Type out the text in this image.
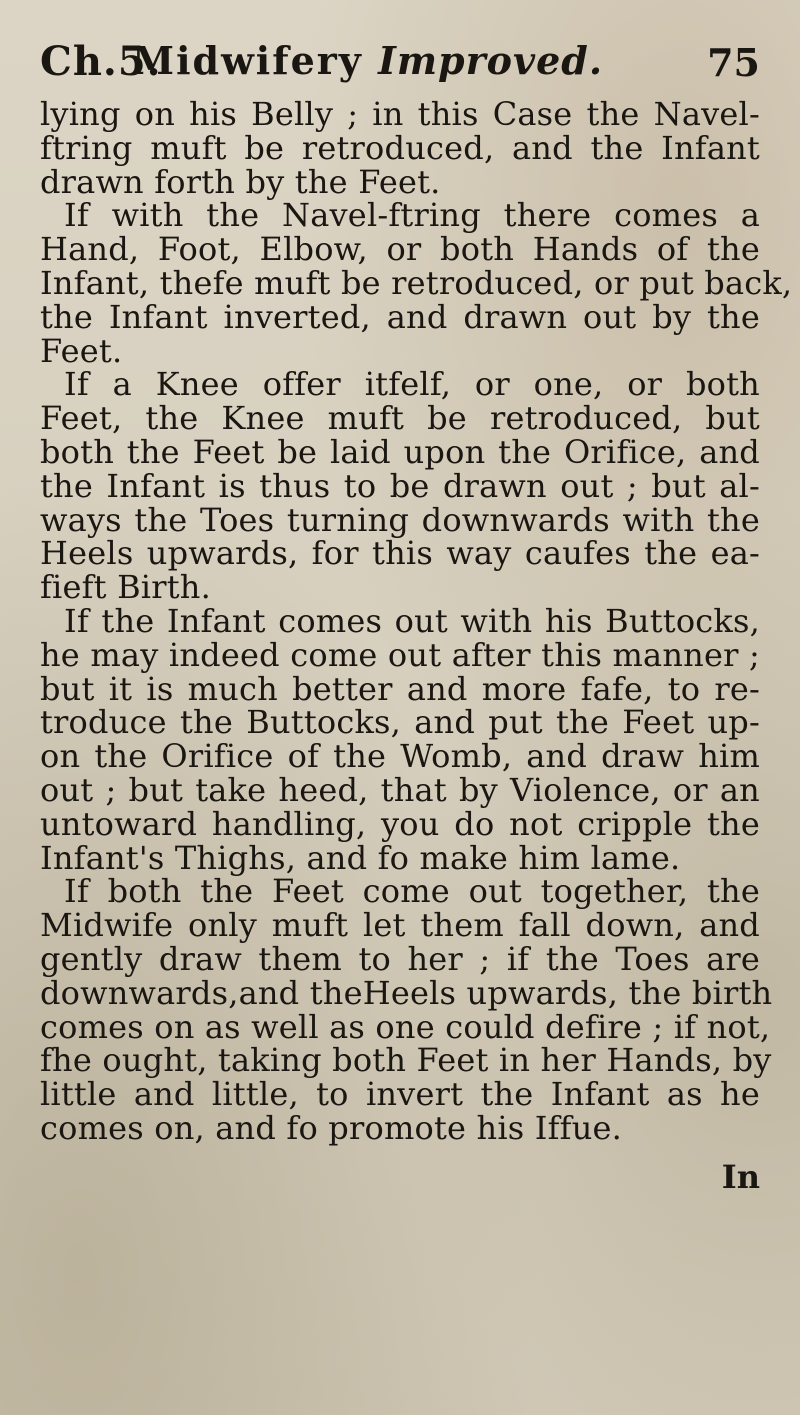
Ch.5.
Midwifery Improved.	75
lying on his Belly ; in this Case the Navel-
ftring muft be retroduced, and the Infant
drawn forth by the Feet.
If with the Navel-ftring there comes a
Hand, Foot, Elbow, or both Hands of the
Infant, thefe muft be retroduced, or put back,
the Infant inverted, and drawn out by the
Feet.
If a Knee offer itfelf, or one, or both
Feet, the Knee muft be retroduced, but
both the Feet be laid upon the Orifice, and
the Infant is thus to be drawn out ; but al-
ways the Toes turning downwards with the
Heels upwards, for this way caufes the ea-
fieft Birth.
If the Infant comes out with his Buttocks,
he may indeed come out after this manner ;
but it is much better and more fafe, to re-
troduce the Buttocks, and put the Feet up-
on the Orifice of the Womb, and draw him
out ; but take heed, that by Violence, or an
untoward handling, you do not cripple the
Infant's Thighs, and fo make him lame.
If both the Feet come out together, the
Midwife only muft let them fall down, and
gently draw them to her ; if the Toes are
downwards,and theHeels upwards, the birth
comes on as well as one could defire ; if not,
fhe ought, taking both Feet in her Hands, by
little and little, to invert the Infant as he
comes on, and fo promote his Iffue.
In
